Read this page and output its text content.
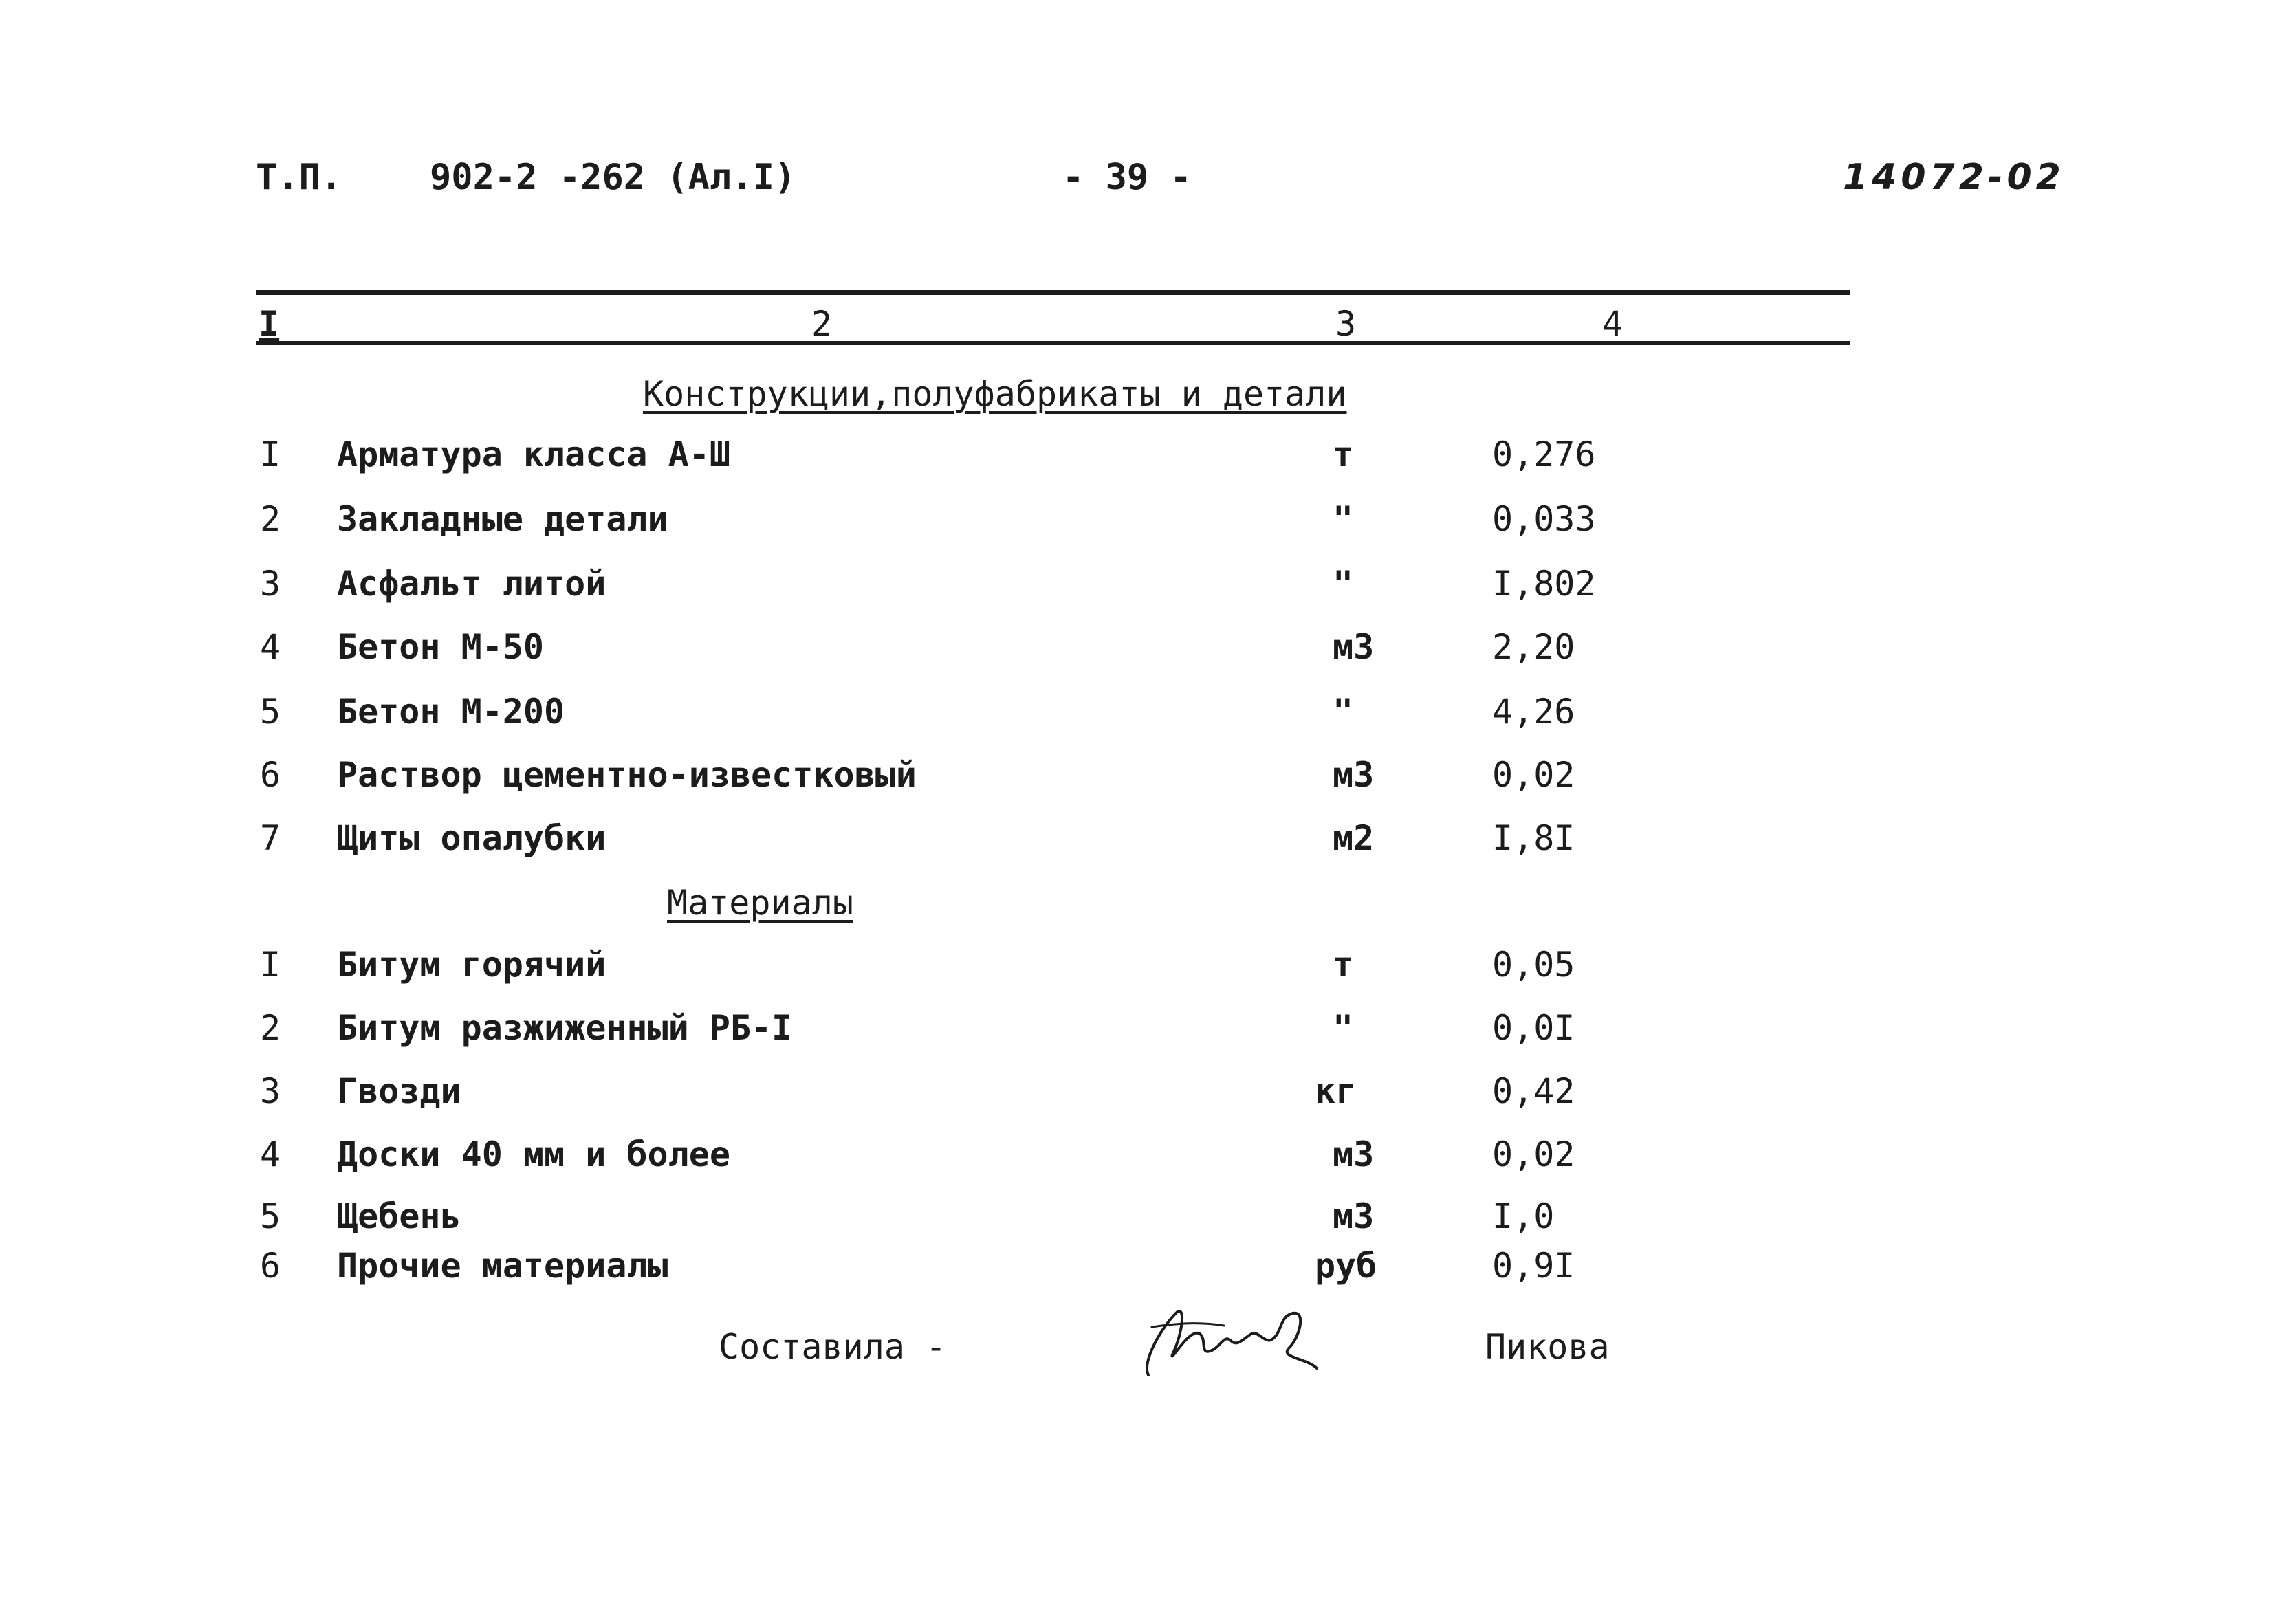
Т.П. 902-2 -262 (Ал.I)	- 39 -	14072-02
I	2	3	4
Конструкции,полуфабрикаты и детали
I Арматура класса А-Ш	т	0,276
2 Закладные детали	"	0,033
3 Асфальт литой	"	I,802
4 Бетон М-50	м3	2,20
5 Бетон М-200	"	4,26
6 Раствор цементно-известковый	м3	0,02
7 Щиты опалубки	м2	I,8I
Материалы
I Битум горячий	т	0,05
2 Битум разжиженный РБ-I	"	0,0I
3 Гвозди	кг	0,42
4 Доски 40 мм и более	м3	0,02
5 Щебень	м3	I,0
6 Прочие материалы	руб	0,9I
Составила -	Пикова
